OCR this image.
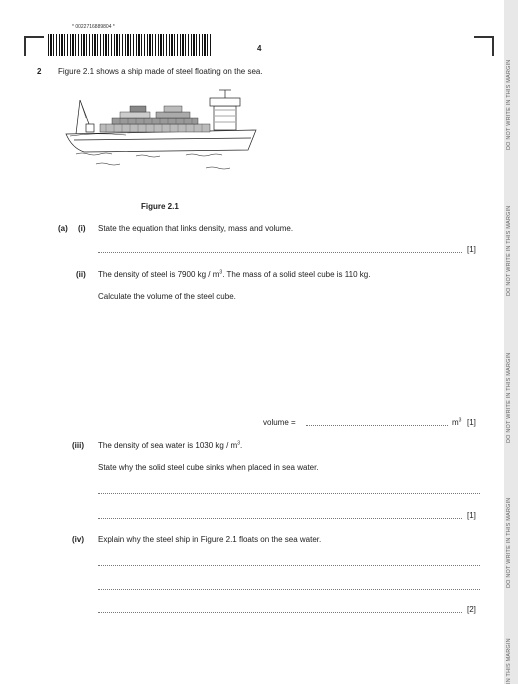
DO NOT WRITE IN THIS MARGIN
DO NOT WRITE IN THIS MARGIN
DO NOT WRITE IN THIS MARGIN
DO NOT WRITE IN THIS MARGIN
IN THIS MARGIN
* 0022716889804 *
4
2 Figure 2.1 shows a ship made of steel floating on the sea.
Figure 2.1
(a) (i) State the equation that links density, mass and volume.
[1]
(ii) The density of steel is 7900 kg / $m^3$. The mass of a solid steel cube is 110 kg.
Calculate the volume of the steel cube.
volume =	$m^3$ [1]
(iii) The density of sea water is 1030 kg / $m^3$.
State why the solid steel cube sinks when placed in sea water.
[1]
(iv) Explain why the steel ship in Figure 2.1 floats on the sea water.
[2]
